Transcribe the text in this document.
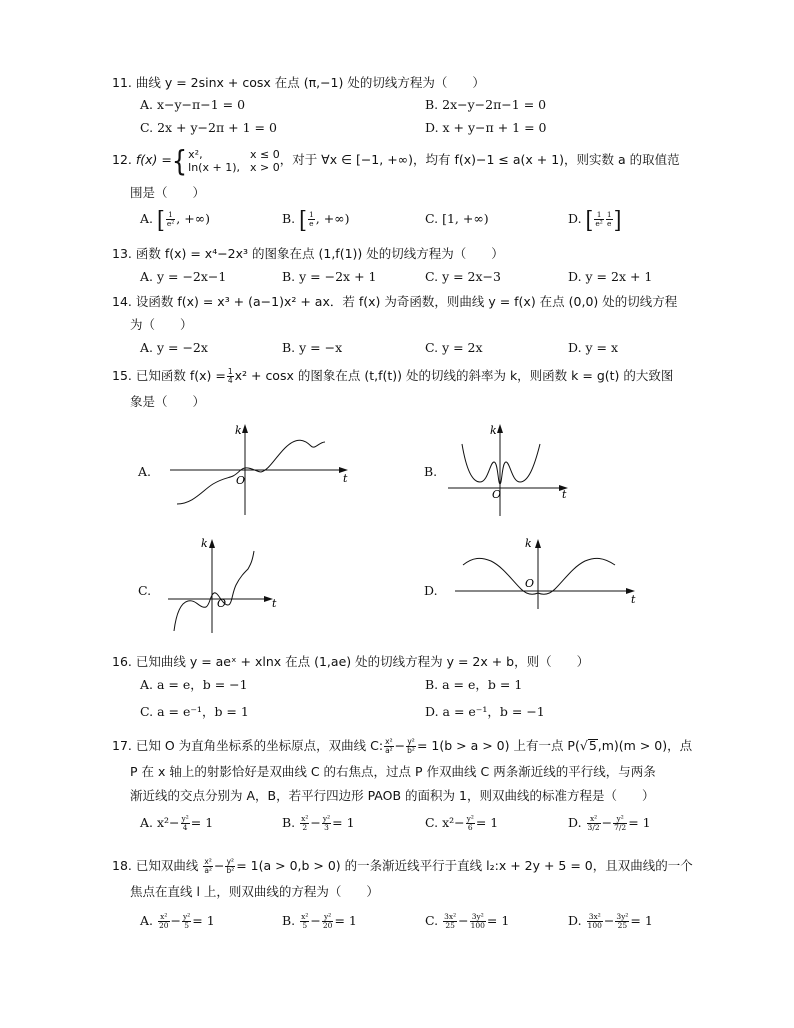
11. 曲线 y = 2sinx + cosx 在点 (π,−1) 处的切线方程为（　　）
A. x−y−π−1 = 0	B. 2x−y−2π−1 = 0
C. 2x + y−2π + 1 = 0	D. x + y−π + 1 = 0
12. f(x) ={ x²,
ln(x + 1),
x ≤ 0
x > 0 ，对于 ∀x ∈ [−1, +∞)，均有 f(x)−1 ≤ a(x + 1)，则实数 a 的取值范
围是（　　）
A. [ $\frac{1}{\text{e²}}$ , +∞)	B. [ $\frac{1}{e}$ , +∞)	C. [1, +∞)	D. [ $\frac{1}{\text{e²}} \frac{1}{e}$ ]
13. 函数 f(x) = x⁴−2x³ 的图象在点 (1,f(1)) 处的切线方程为（　　）
A. y = −2x−1	B. y = −2x + 1	C. y = 2x−3	D. y = 2x + 1
14. 设函数 f(x) = x³ + (a−1)x² + ax．若 f(x) 为奇函数，则曲线 y = f(x) 在点 (0,0) 处的切线方程
为（　　）
A. y = −2x	B. y = −x	C. y = 2x	D. y = x
15. 已知函数 $f(x) = \frac{1}{4} x^2 + \cos x$ 的图象在点 (t,f(t)) 处的切线的斜率为 k，则函数 k = g(t) 的大致图
象是（　　）
A.
k
O	t	B.
k
O	t
C.
k
O	t
D.
k
O
t
16. 已知曲线 y = aeˣ + xlnx 在点 (1,ae) 处的切线方程为 y = 2x + b，则（　　）
A. a = e，b = −1	B. a = e，b = 1
C. a = e⁻¹，b = 1	D. a = e⁻¹，b = −1
17. 已知 O 为直角坐标系的坐标原点，双曲线 C: $\frac{\text{x²}}{\text{a²}} - \frac{\text{y²}}{\text{b²}} = 1(b > a > 0)$ 上有一点 P(√5,m)(m > 0)，点
P 在 x 轴上的射影恰好是双曲线 C 的右焦点，过点 P 作双曲线 C 两条渐近线的平行线，与两条
渐近线的交点分别为 A，B，若平行四边形 PAOB 的面积为 1，则双曲线的标准方程是（　　）
A. $x^2- \frac{\text{y²}}{4} = 1$	B. $\frac{\text{x²}}{2} - \frac{\text{y²}}{3} = 1$	C. $x^2- \frac{\text{y²}}{6} = 1$	D. $\frac{\text{x²}}{3/2} - \frac{\text{y²}}{7/2} = 1$
18. 已知双曲线 $\frac{\text{x²}}{\text{a²}} - \frac{\text{y²}}{\text{b²}} = 1(a > 0,b > 0)$ 的一条渐近线平行于直线 l₂:x + 2y + 5 = 0，且双曲线的一个
焦点在直线 l 上，则双曲线的方程为（　　）
A. $\frac{\text{x²}}{20} - \frac{\text{y²}}{5} = 1$	B. $\frac{\text{x²}}{5} - \frac{\text{y²}}{20} = 1$	C. $\frac{\text{3x²}}{25} - \frac{\text{3y²}}{100} = 1$	D. $\frac{\text{3x²}}{100} - \frac{\text{3y²}}{25} = 1$
